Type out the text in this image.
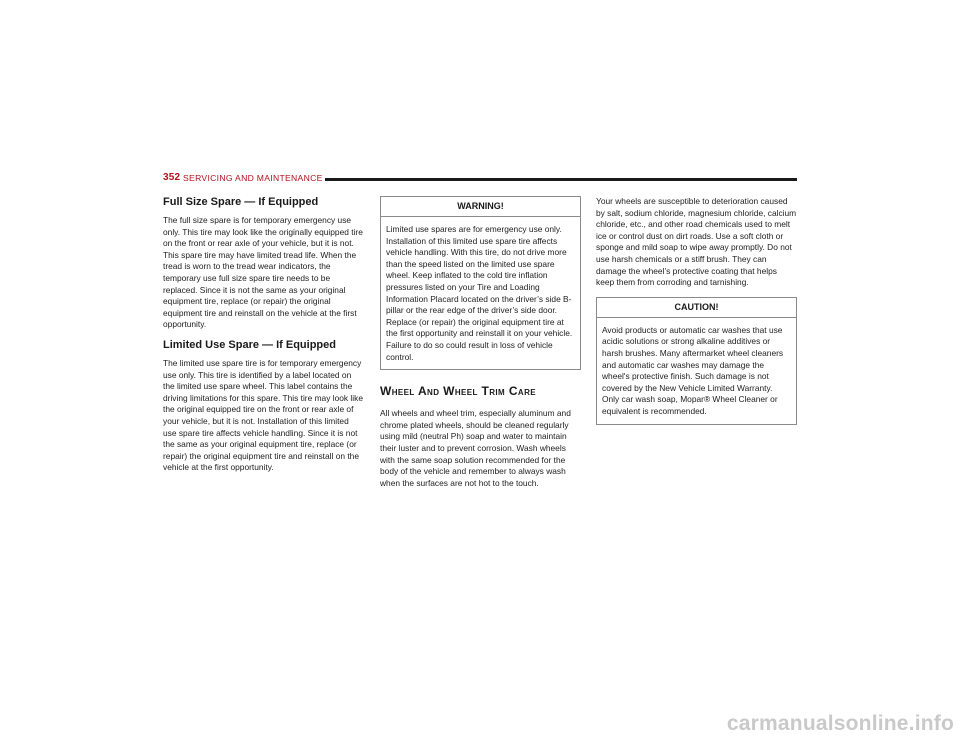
352 SERVICING AND MAINTENANCE
Full Size Spare — If Equipped

The full size spare is for temporary emergency use only. This tire may look like the originally equipped tire on the front or rear axle of your vehicle, but it is not. This spare tire may have limited tread life. When the tread is worn to the tread wear indicators, the temporary use full size spare tire needs to be replaced. Since it is not the same as your original equipment tire, replace (or repair) the original equipment tire and reinstall on the vehicle at the first opportunity.

Limited Use Spare — If Equipped

The limited use spare tire is for temporary emergency use only. This tire is identified by a label located on the limited use spare wheel. This label contains the driving limitations for this spare. This tire may look like the original equipped tire on the front or rear axle of your vehicle, but it is not. Installation of this limited use spare tire affects vehicle handling. Since it is not the same as your original equipment tire, replace (or repair) the original equipment tire and reinstall on the vehicle at the first opportunity.

WARNING!
Limited use spares are for emergency use only. Installation of this limited use spare tire affects vehicle handling. With this tire, do not drive more than the speed listed on the limited use spare wheel. Keep inflated to the cold tire inflation pressures listed on your Tire and Loading Information Placard located on the driver’s side B-pillar or the rear edge of the driver’s side door. Replace (or repair) the original equipment tire at the first opportunity and reinstall it on your vehicle. Failure to do so could result in loss of vehicle control.
Wheel And Wheel Trim Care

All wheels and wheel trim, especially aluminum and chrome plated wheels, should be cleaned regularly using mild (neutral Ph) soap and water to maintain their luster and to prevent corrosion. Wash wheels with the same soap solution recommended for the body of the vehicle and remember to always wash when the surfaces are not hot to the touch.

Your wheels are susceptible to deterioration caused by salt, sodium chloride, magnesium chloride, calcium chloride, etc., and other road chemicals used to melt ice or control dust on dirt roads. Use a soft cloth or sponge and mild soap to wipe away promptly. Do not use harsh chemicals or a stiff brush. They can damage the wheel’s protective coating that helps keep them from corroding and tarnishing.

CAUTION!
Avoid products or automatic car washes that use acidic solutions or strong alkaline additives or harsh brushes. Many aftermarket wheel cleaners and automatic car washes may damage the wheel's protective finish. Such damage is not covered by the New Vehicle Limited Warranty. Only car wash soap, Mopar® Wheel Cleaner or equivalent is recommended.
carmanualsonline.info
